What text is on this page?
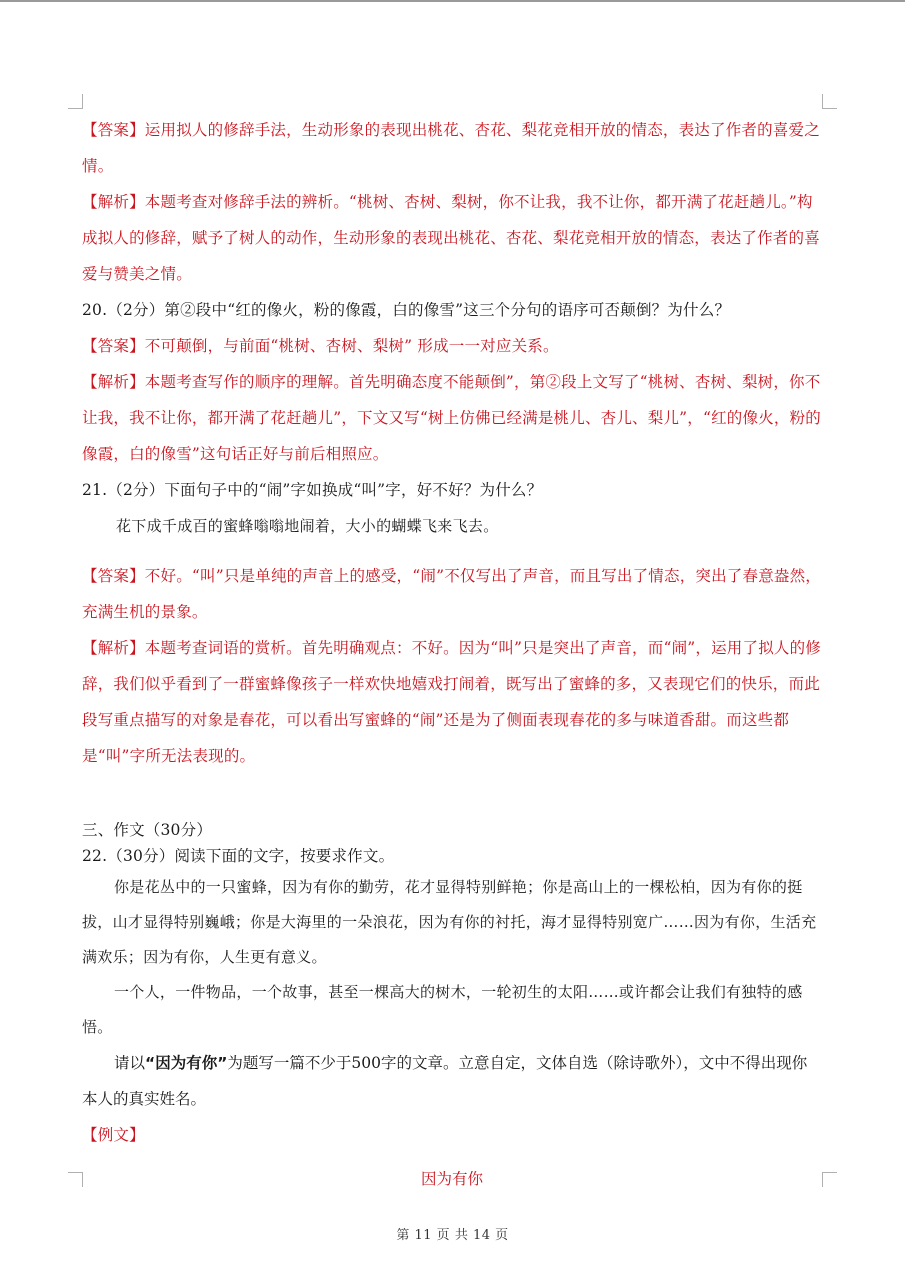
【答案】运用拟人的修辞手法，生动形象的表现出桃花、杏花、梨花竞相开放的情态，表达了作者的喜爱之情。

【解析】本题考查对修辞手法的辨析。“桃树、杏树、梨树，你不让我，我不让你，都开满了花赶趟儿。”构成拟人的修辞，赋予了树人的动作，生动形象的表现出桃花、杏花、梨花竞相开放的情态，表达了作者的喜爱与赞美之情。

20.（2分）第②段中“红的像火，粉的像霞，白的像雪”这三个分句的语序可否颠倒？为什么？

【答案】不可颠倒，与前面“桃树、杏树、梨树” 形成一一对应关系。

【解析】本题考查写作的顺序的理解。首先明确态度不能颠倒”，第②段上文写了“桃树、杏树、梨树，你不让我，我不让你，都开满了花赶趟儿”，下文又写“树上仿佛已经满是桃儿、杏儿、梨儿”，“红的像火，粉的像霞，白的像雪”这句话正好与前后相照应。

21.（2分）下面句子中的“闹”字如换成“叫”字，好不好？为什么？

花下成千成百的蜜蜂嗡嗡地闹着，大小的蝴蝶飞来飞去。

【答案】不好。“叫”只是单纯的声音上的感受，“闹”不仅写出了声音，而且写出了情态，突出了春意盎然，充满生机的景象。

【解析】本题考查词语的赏析。首先明确观点：不好。因为“叫”只是突出了声音，而“闹”，运用了拟人的修辞，我们似乎看到了一群蜜蜂像孩子一样欢快地嬉戏打闹着，既写出了蜜蜂的多，又表现它们的快乐，而此段写重点描写的对象是春花，可以看出写蜜蜂的“闹”还是为了侧面表现春花的多与味道香甜。而这些都是“叫”字所无法表现的。

三、作文（30分）

22.（30分）阅读下面的文字，按要求作文。

你是花丛中的一只蜜蜂，因为有你的勤劳，花才显得特别鲜艳；你是高山上的一棵松柏，因为有你的挺拔，山才显得特别巍峨；你是大海里的一朵浪花，因为有你的衬托，海才显得特别宽广……因为有你，生活充满欢乐；因为有你，人生更有意义。

一个人，一件物品，一个故事，甚至一棵高大的树木，一轮初生的太阳……或许都会让我们有独特的感悟。

请以“因为有你”为题写一篇不少于500字的文章。立意自定，文体自选（除诗歌外），文中不得出现你本人的真实姓名。

【例文】

因为有你

第 11 页 共 14 页
